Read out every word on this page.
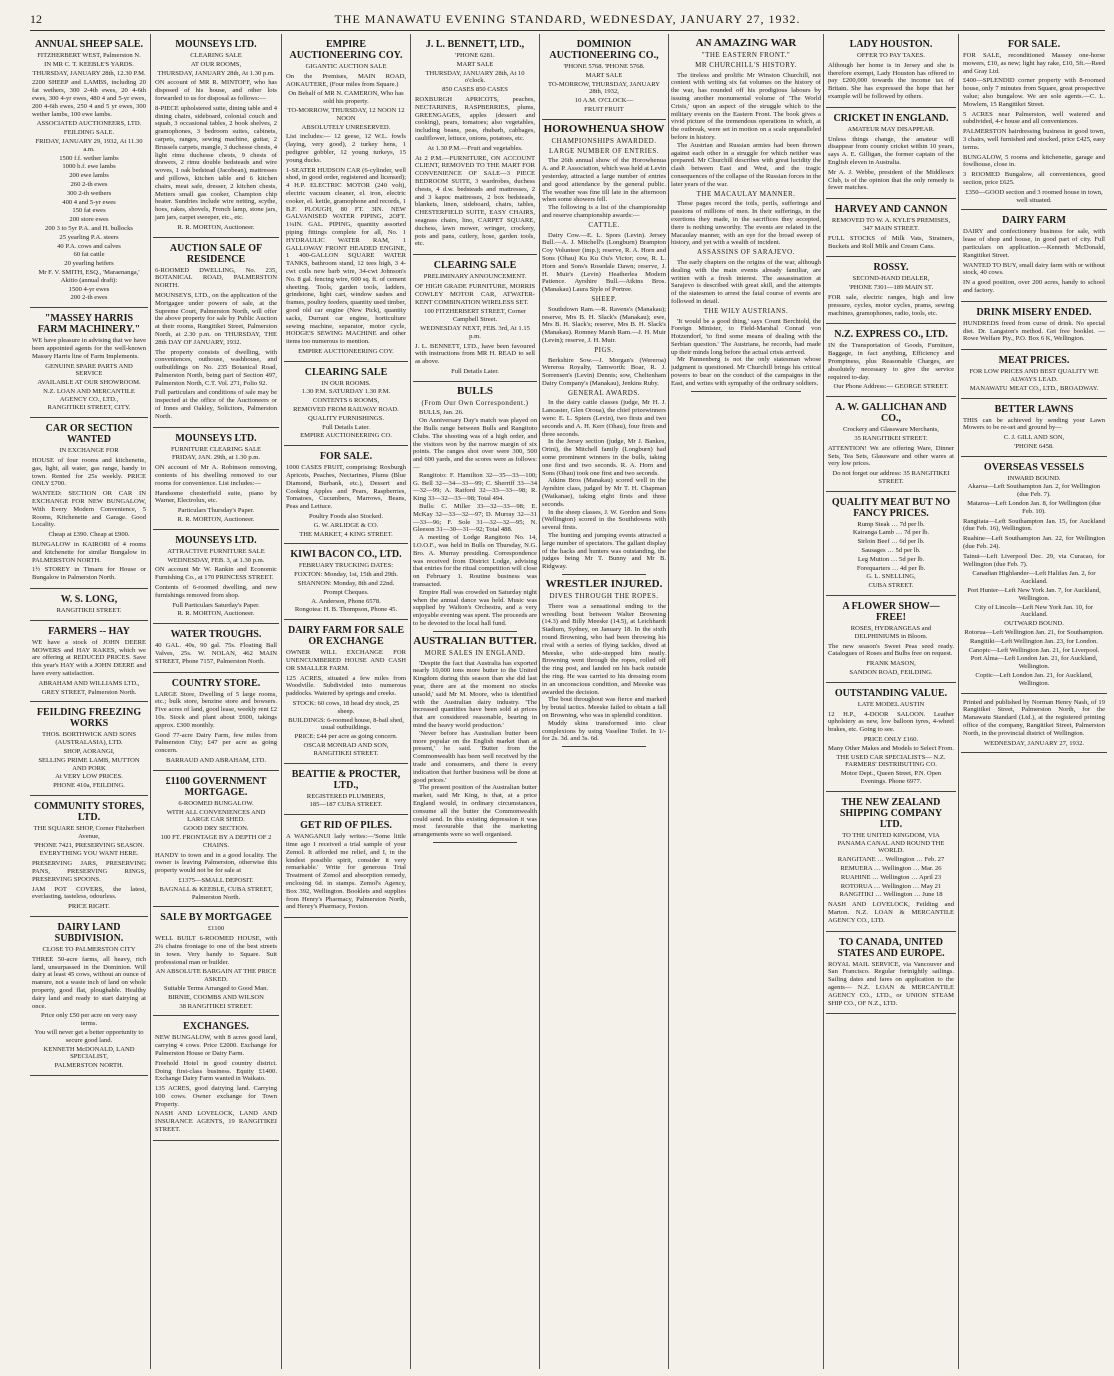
12	THE MANAWATU EVENING STANDARD, WEDNESDAY, JANUARY 27, 1932.
ANNUAL SHEEP SALE.
FITZHERBERT WEST, Palmerston N.
IN MR C. T. KEEBLE'S YARDS.
THURSDAY, JANUARY 28th, 12.30 P.M.
2200 SHEEP and LAMBS, including 20 fat wethers, 300 2-4th ewes, 20 4-6th ewes, 300 4-yr ewes, 480 4 and 5-yr ewes, 200 4-6th ewes, 250 4 and 5 yr ewes, 300 wether lambs, 100 ewe lambs.
ASSOCIATED AUCTIONEERS, LTD.
FEILDING SALE.
FRIDAY, JANUARY 29, 1932, At 11.30 a.m.
1500 f.f. wether lambs
1000 b.f. ewe lambs
200 ewe lambs
260 2-th ewes
300 2-th wethers
400 4 and 5-yr ewes
150 fat ewes
200 store ewes
200 3 to 5yr P.A. and H. bullocks
25 yearling P.A. steers
40 P.A. cows and calves
60 fat cattle
20 yearling heifers
Mr F. V. SMITH, ESQ., 'Maraenanga,' Akitio (annual draft):
1500 4-yr ewes
200 2-th ewes
"MASSEY HARRIS FARM MACHINERY."
WE have pleasure in advising that we have been appointed agents for the well-known Massey Harris line of Farm Implements.
GENUINE SPARE PARTS AND SERVICE
AVAILABLE AT OUR SHOWROOM.
N.Z. LOAN AND MERCANTILE AGENCY CO., LTD.,
RANGITIKEI STREET, CITY.
CAR OR SECTION WANTED
IN EXCHANGE FOR
HOUSE of four rooms and kitchenette, gas, light, all water, gas range, handy to town. Rented for 25s weekly. PRICE ONLY £700.
WANTED: SECTION OR CAR IN EXCHANGE FOR NEW BUNGALOW, With Every Modern Convenience, 5 Rooms, Kitchenette and Garage. Good Locality.
Cheap at £390. Cheap at £900.
BUNGALOW in KAIRORI of 4 rooms and kitchenette for similar Bungalow in PALMERSTON NORTH.
1½ STOREY in Timaru for House or Bungalow in Palmerston North.
W. S. LONG,
RANGITIKEI STREET.
FARMERS -- HAY
WE have a stock of JOHN DEERE MOWERS and HAY RAKES, which we are offering at REDUCED PRICES. Save this year's HAY with a JOHN DEERE and have every satisfaction.
ABRAHAM AND WILLIAMS LTD.,
GREY STREET, Palmerston North.
FEILDING FREEZING WORKS
THOS. BORTHWICK AND SONS (AUSTRALASIA), LTD.
SHOP, AORANGI,
SELLING PRIME LAMB, MUTTON AND PORK
At VERY LOW PRICES.
PHONE 410a, FEILDING.
COMMUNITY STORES, LTD.
THE SQUARE SHOP, Corner Fitzherbert Avenue,
'PHONE 7421, PRESERVING SEASON.
EVERYTHING YOU WANT HERE.
PRESERVING JARS, PRESERVING PANS, PRESERVING RINGS, PRESERVING SPOONS.
JAM POT COVERS, the latest, everlasting, tasteless, odourless.
PRICE RIGHT.
DAIRY LAND SUBDIVISION.
CLOSE TO PALMERSTON CITY
THREE 50-acre farms, all heavy, rich land, unsurpassed in the Dominion. Will dairy at least 45 cows, without an ounce of manure, not a waste inch of land on whole property, good flat, ploughable. Healthy dairy land and ready to start dairying at once.
Price only £50 per acre on very easy terms.
You will never get a better opportunity to secure good land.
KENNETH McDONALD, LAND SPECIALIST,
PALMERSTON NORTH.
MOUNSEYS LTD.
CLEARING SALE
AT OUR ROOMS,
THURSDAY, JANUARY 28th, At 1.30 p.m.
ON account of MR R. MINTOFF, who has disposed of his house, and other lots forwarded to us for disposal as follows:—
8-PIECE upholstered suite, dining table and 4 dining chairs, sideboard, colonial couch and squab, 3 occasional tables, 2 book shelves, 2 gramophones, 3 bedroom suites, cabinets, carpets, ranges, sewing machine, guitar, 2 Brussels carpets, mangle, 3 duchesse chests, 4 light rimu duchesse chests, 9 chests of drawers, 2 rimu double bedsteads and wire woves, 1 oak bedstead (Jacobean), mattresses and pillows, kitchen table and 6 kitchen chairs, meat safe, dresser, 2 kitchen chests, Metters small gas cooker, Champion chip heater. Sundries include wire netting, scythe, hoes, rakes, shovels, French lamp, stone jars, jam jars, carpet sweeper, etc., etc.
R. R. MORTON, Auctioneer.
AUCTION SALE OF RESIDENCE
6-ROOMED DWELLING, No. 235, BOTANICAL ROAD, PALMERSTON NORTH.
MOUNSEYS, LTD., on the application of the Mortgagee under powers of sale, at the Supreme Court, Palmerston North, will offer the above property for sale by Public Auction at their rooms, Rangitikei Street, Palmerston North, at 2.30 p.m. on THURSDAY, THE 28th DAY OF JANUARY, 1932.
The property consists of dwelling, with conveniences, outhouse, washhouse, and outbuildings on No. 235 Botanical Road, Palmerston North, being part of Section 497, Palmerston North, C.T. Vol. 271, Folio 92.
Full particulars and conditions of sale may be inspected at the office of the Auctioneers or of Innes and Oakley, Solicitors, Palmerston North.
MOUNSEYS LTD.
FURNITURE CLEARING SALE
FRIDAY, JAN. 29th, at 1.30 p.m.
ON account of Mr A. Robinson removing, contents of his dwelling removed to our rooms for convenience. List includes:—
Handsome chesterfield suite, piano by Warner, Electrolux, etc.
Particulars Thursday's Paper.
R. R. MORTON, Auctioneer.
MOUNSEYS LTD.
ATTRACTIVE FURNITURE SALE
WEDNESDAY, FEB. 3, at 1.30 p.m.
ON account Mr W. Rankin and Economic Furnishing Co., at 170 PRINCESS STREET.
Contents of 6-roomed dwelling, and new furnishings removed from shop.
Full Particulars Saturday's Paper.
R. R. MORTON, Auctioneer.
WATER TROUGHS.
40 GAL. 40s, 90 gal. 75s. Floating Ball Valves, 25s. W. NOLAN, 462 MAIN STREET, Phone 7157, Palmerston North.
COUNTRY STORE.
LARGE Store, Dwelling of 5 large rooms, etc.; bulk store, benzine store and bowsers. Five acres of land, good lease, weekly rent £2 10s. Stock and plant about £600, takings approx. £300 monthly.
Good 77-acre Dairy Farm, few miles from Palmerston City; £47 per acre as going concern.
BARRAUD AND ABRAHAM, LTD.
£1100 GOVERNMENT MORTGAGE.
6-ROOMED BUNGALOW.
WITH ALL CONVENIENCES AND LARGE CAR SHED.
GOOD DRY SECTION.
100 FT. FRONTAGE BY A DEPTH OF 2 CHAINS.
HANDY to town and in a good locality. The owner is leaving Palmerston, otherwise this property would not be for sale at
£1375—SMALL DEPOSIT.
BAGNALL & KEEBLE, CUBA STREET, Palmerston North.
SALE BY MORTGAGEE
£1100
WELL BUILT 6-ROOMED HOUSE, with 2¼ chains frontage to one of the best streets in town. Very handy to Square. Suit professional man or builder.
AN ABSOLUTE BARGAIN AT THE PRICE ASKED.
Suitable Terms Arranged to Good Man.
BIRNIE, COOMBS AND WILSON
38 RANGITIKEI STREET.
EXCHANGES.
NEW BUNGALOW, with 8 acres good land, carrying 4 cows. Price £2000. Exchange for Palmerston House or Dairy Farm.
Freehold Hotel in good country district. Doing first-class business. Equity £1400. Exchange Dairy Farm wanted in Waikato.
135 ACRES, good dairying land. Carrying 100 cows. Owner exchange for Town Property.
NASH AND LOVELOCK, LAND AND INSURANCE AGENTS, 19 RANGITIKEI STREET.
EMPIRE AUCTIONEERING COY.
GIGANTIC AUCTION SALE
On the Premises, MAIN ROAD, AOKAUTERE, (Four miles from Square.)
On Behalf of MR N. CAMERON, Who has sold his property.
TO-MORROW, THURSDAY, 12 NOON 12 NOON
ABSOLUTELY UNRESERVED.
List includes:— 12 geese, 12 W.L. fowls (laying, very good), 2 turkey hens, 1 pedigree gobbler, 12 young turkeys, 15 young ducks.
1-SEATER HUDSON CAR (6-cylinder, well shod, in good order, registered and licensed); 4 H.P. ELECTRIC MOTOR (240 volt), electric vacuum cleaner, el. iron, electric cooker, el. kettle, gramophone and records, 1 B.F. PLOUGH, 80 FT. 3IN. NEW GALVANISED WATER PIPING, 2OFT. 1¼IN. GAL. PIPING, quantity assorted piping fittings complete for all, No. 1 HYDRAULIC WATER RAM, 1 GALLOWAY FRONT HEADED ENGINE, 1 400-GALLON SQUARE WATER TANKS, bathroom stand, 12 tees high, 3 4-cwt coils new barb wire, 34-cwt Johnson's No. 8 gal. fencing wire, 600 sq. ft. of cement sheeting. Tools, garden tools, ladders, grindstone, light cart, window sashes and frames, poultry feeders, quantity used timber, good old car engine (New Pick), quantity sacks, Durrant car engine, horticulture sewing machine, separator, motor cycle, HODGE'S SEWING MACHINE and other items too numerous to mention.
EMPIRE AUCTIONEERING COY.
CLEARING SALE
IN OUR ROOMS.
1.30 P.M. SATURDAY 1.30 P.M.
CONTENTS 6 ROOMS,
REMOVED FROM RAILWAY ROAD.
QUALITY FURNISHINGS.
Full Details Later.
EMPIRE AUCTIONEERING CO.
FOR SALE.
1000 CASES FRUIT, comprising: Roxburgh Apricots, Peaches, Nectarines, Plums (Blue Diamond, Burbank, etc.), Dessert and Cooking Apples and Pears, Raspberries, Tomatoes, Cucumbers, Marrows, Beans, Peas and Lettuce.
Poultry Foods also Stocked.
G. W. ARLIDGE & CO.
THE MARKET, 4 KING STREET.
KIWI BACON CO., LTD.
FEBRUARY TRUCKING DATES:
FOXTON: Monday, 1st, 15th and 29th.
SHANNON: Monday, 8th and 22nd.
Prompt Cheques.
A. Anderson, Phone 6578.
Rongotea: H. B. Thompson, Phone 45.
DAIRY FARM FOR SALE OR EXCHANGE
OWNER WILL EXCHANGE FOR UNENCUMBERED HOUSE AND CASH OR SMALLER FARM.
125 ACRES, situated a few miles from Woodville. Subdivided into numerous paddocks. Watered by springs and creeks.
STOCK: 60 cows, 18 head dry stock, 25 sheep.
BUILDINGS: 6-roomed house, 8-bail shed, usual outbuildings.
PRICE: £44 per acre as going concern.
OSCAR MONRAD AND SON, RANGITIKEI STREET.
BEATTIE & PROCTER, LTD.,
REGISTERED PLUMBERS,
185—187 CUBA STREET.
GET RID OF PILES.
A WANGANUI lady writes:—'Some little time ago I received a trial sample of your Zemol. It afforded me relief, and I, in the kindest possible spirit, consider it very remarkable.' Write for generous Trial Treatment of Zemol and absorption remedy, enclosing 6d. in stamps. Zemol's Agency, Box 392, Wellington. Booklets and supplies from Henry's Pharmacy, Palmerston North, and Henry's Pharmacy, Foxton.
J. L. BENNETT, LTD.,
'PHONE 6281.
MART SALE
THURSDAY, JANUARY 28th, At 10 o'clock.
850 CASES 850 CASES
ROXBURGH APRICOTS, peaches, NECTARINES, RASPBERRIES, plums, GREENGAGES, apples (dessert and cooking), pears, tomatoes; also vegetables, including beans, peas, rhubarb, cabbages, cauliflower, lettuce, onions, potatoes, etc.
At 1.30 P.M.—Fruit and vegetables.
At 2 P.M.—FURNITURE, ON ACCOUNT CLIENT, REMOVED TO THE MART FOR CONVENIENCE OF SALE—3 PIECE BEDROOM SUITE, 3 wardrobes, duchess chests, 4 d.w. bedsteads and mattresses, 2 and 3 kapoc mattresses, 2 box bedsteads, blankets, linen, sideboard, chairs, tables, CHESTERFIELD SUITE, EASY CHAIRS, seagrass chairs, lino, CARPET SQUARE, duchess, lawn mower, wringer, crockery, pots and pans, cutlery, hose, garden tools, etc.
CLEARING SALE
PRELIMINARY ANNOUNCEMENT.
OF HIGH GRADE FURNITURE, MORRIS COWLEY MOTOR CAR, ATWATER-KENT COMBINATION WIRELESS SET.
100 FITZHERBERT STREET, Corner Campbell Street.
WEDNESDAY NEXT, FEB. 3rd, At 1.15 p.m.
J. L. BENNETT, LTD., have been favoured with instructions from MR H. READ to sell as above.
Full Details Later.
BULLS
(From Our Own Correspondent.)
BULLS, Jan. 26.
On Anniversary Day's match was played on the Bulls range between Bulls and Rangitoto Clubs. The shooting was of a high order, and the visitors won by the narrow margin of six points. The ranges shot over were 300, 500 and 600 yards, and the scores were as follows:—
Rangitoto: F. Hamilton 32—35—33—100; G. Bell 32—34—33—99; C. Sherriff 33—34—32—99; A. Ratford 32—33—33—98; R. King 33—32—33—98; Total 494.
Bulls: C. Miller 33—32—33—98; E. McKay 32—33—32—97; D. Murray 32—31—33—96; F. Sole 31—32—32—95; N. Gleeson 31—30—31—92; Total 488.
A meeting of Lodge Rangitoto No. 14, I.O.O.F., was held in Bulls on Thursday, N.G. Bro. A. Murray presiding. Correspondence was received from District Lodge, advising that entries for the ritual competition will close on February 1. Routine business was transacted.
Empire Hall was crowded on Saturday night when the annual dance was held. Music was supplied by Walton's Orchestra, and a very enjoyable evening was spent. The proceeds are to be devoted to the local hall fund.
AUSTRALIAN BUTTER.
MORE SALES IN ENGLAND.
'Despite the fact that Australia has exported nearly 10,000 tons more butter to the United Kingdom during this season than she did last year, there are at the moment no stocks unsold,' said Mr M. Moore, who is identified with the Australian dairy industry. 'The increased quantities have been sold at prices that are considered reasonable, bearing in mind the heavy world production.'
'Never before has Australian butter been more popular on the English market than at present,' he said. 'Butter from the Commonwealth has been well received by the trade and consumers, and there is every indication that further business will be done at good prices.'
The present position of the Australian butter market, said Mr King, is that, at a price England would, in ordinary circumstances, consume all the butter the Commonwealth could send. In this existing depression it was most favourable that the marketing arrangements were so well organised.
DOMINION AUCTIONEERING CO.,
'PHONE 5768. 'PHONE 5768.
MART SALE
TO-MORROW, THURSDAY, JANUARY 28th, 1932,
10 A.M. O'CLOCK—
FRUIT FRUIT
HOROWHENUA SHOW
CHAMPIONSHIPS AWARDED.
LARGE NUMBER OF ENTRIES.
The 26th annual show of the Horowhenua A. and P. Association, which was held at Levin yesterday, attracted a large number of entries and good attendance by the general public. The weather was fine till late in the afternoon when some showers fell.
The following is a list of the championship and reserve championship awards:—
CATTLE.
Dairy Cow.—E. L. Spors (Levin). Jersey Bull.—A. J. Mitchell's (Longburn) Brampton Coy Volunteer (imp.); reserve, R. A. Horn and Sons (Ohau) Ku Ku Ou's Victor; cow, R. L. Horn and Sons's Rosedale Dawn; reserve, J. H. Muir's (Levin) Heatherlea Modern Patience. Ayrshire Bull.—Atkins Bros. (Manakau) Laura Style of Portree.
SHEEP.
Southdown Ram.—R. Ravens's (Manakau); reserve, Mrs B. H. Slack's (Manakau); ewe, Mrs B. H. Slack's; reserve, Mrs B. H. Slack's (Manakau). Romney Marsh Ram.—J. H. Muir (Levin); reserve, J. H. Muir.
PIGS.
Berkshire Sow.—J. Morgan's (Wereroa) Wereroa Royalty, Tamworth: Boar, R. J. Sorrensen's (Levin) Dennis; sow, Cheltenham Dairy Company's (Manakau), Jenkins Ruby.
GENERAL AWARDS.
In the dairy cattle classes (judge, Mr H. J. Lancaster, Glen Oroua), the chief prizewinners were: E. L. Spiers (Levin), two firsts and two seconds and A. H. Kerr (Ohau), four firsts and three seconds.
In the Jersey section (judge, Mr J. Bankes, Orini), the Mitchell family (Longburn) had some prominent winners in the bulls, taking one first and two seconds. R. A. Horn and Sons (Ohau) took one first and two seconds.
Atkins Bros (Manakau) scored well in the Ayrshire class, judged by Mr T. H. Chapman (Waikanae), taking eight firsts and three seconds.
In the sheep classes, J. W. Gordon and Sons (Wellington) scored in the Southdowns with several firsts.
The hunting and jumping events attracted a large number of spectators. The gallant display of the hacks and hunters was outstanding, the judges being Mr T. Bunny and Mr B. Ridgway.
WRESTLER INJURED.
DIVES THROUGH THE ROPES.
There was a sensational ending to the wrestling bout between Walter Browning (14.3) and Billy Meeske (14.5), at Leichhardt Stadium, Sydney, on January 18. In the sixth round Browning, who had been throwing his rival with a series of flying tackles, dived at Meeske, who side-stepped him neatly. Browning went through the ropes, rolled off the ring post, and landed on his back outside the ring. He was carried to his dressing room in an unconscious condition, and Meeske was awarded the decision.
The bout throughout was fierce and marked by brutal tactics. Meeske failed to obtain a fall on Browning, who was in splendid condition.
Muddy skins transformed into clear complexions by using Vaseline Toilet. In 1/- for 2s. 3d. and 3s. 6d.
AN AMAZING WAR
"THE EASTERN FRONT."
MR CHURCHILL'S HISTORY.
The tireless and prolific Mr Winston Churchill, not content with writing six fat volumes on the history of the war, has rounded off his prodigious labours by issuing another monumental volume of 'The World Crisis,' upon an aspect of the struggle which to the military events on the Eastern Front. The book gives a vivid picture of the tremendous operations in which, at the outbreak, were set in motion on a scale unparalleled before in history.
The Austrian and Russian armies had been thrown against each other in a struggle for which neither was prepared. Mr Churchill describes with great lucidity the clash between East and West, and the tragic consequences of the collapse of the Russian forces in the later years of the war.
THE MACAULAY MANNER.
These pages record the toils, perils, sufferings and passions of millions of men. In their sufferings, in the exertions they made, in the sacrifices they accepted, there is nothing unworthy. The events are related in the Macaulay manner, with an eye for the broad sweep of history, and yet with a wealth of incident.
ASSASSINS OF SARAJEVO.
The early chapters on the origins of the war, although dealing with the main events already familiar, are written with a fresh interest. The assassination at Sarajevo is described with great skill, and the attempts of the statesmen to arrest the fatal course of events are followed in detail.
THE WILY AUSTRIANS.
'It would be a good thing,' says Count Berchtold, the Foreign Minister, to Field-Marshal Conrad von Hotzendorf, 'to find some means of dealing with the Serbian question.' The Austrians, he records, had made up their minds long before the actual crisis arrived.
Mr Pannenberg is not the only statesman whose judgment is questioned. Mr Churchill brings his critical powers to bear on the conduct of the campaigns in the East, and writes with sympathy of the ordinary soldiers.
LADY HOUSTON.
OFFER TO PAY TAXES.
Although her home is in Jersey and she is therefore exempt, Lady Houston has offered to pay £200,000 towards the income tax of Britain. She has expressed the hope that her example will be followed by others.
CRICKET IN ENGLAND.
AMATEUR MAY DISAPPEAR.
Unless things change, the amateur will disappear from county cricket within 10 years, says A. E. Gilligan, the former captain of the English eleven in Australia.
Mr A. J. Webbe, president of the Middlesex Club, is of the opinion that the only remedy is fewer matches.
HARVEY AND CANNON
REMOVED TO W. A. KYLE'S PREMISES, 347 MAIN STREET.
FULL STOCKS of Milk Vats, Strainers, Buckets and Roll Milk and Cream Cans.
ROSSY.
SECOND-HAND DEALER,
'PHONE 7301—189 MAIN ST.
FOR sale, electric ranges, high and low pressure, cycles, motor cycles, prams, sewing machines, gramophones, radio, tools, etc.
N.Z. EXPRESS CO., LTD.
IN the Transportation of Goods, Furniture, Baggage, in fact anything, Efficiency and Promptness, plus Reasonable Charges, are absolutely necessary to give the service required to-day.
Our Phone Address:— GEORGE STREET.
A. W. GALLICHAN AND CO.,
Crockery and Glassware Merchants,
35 RANGITIKEI STREET.
ATTENTION! We are offering Ware, Dinner Sets, Tea Sets, Glassware and other wares at very low prices.
Do not forget our address: 35 RANGITIKEI STREET.
QUALITY MEAT BUT NO FANCY PRICES.
Rump Steak … 7d per lb.
Kairanga Lamb … 7d per lb.
Sirloin Beef … 6d per lb.
Sausages … 5d per lb.
Leg Mutton … 5d per lb.
Forequarters … 4d per lb.
G. L. SNELLING,
CUBA STREET.
A FLOWER SHOW—FREE!
ROSES, HYDRANGEAS and DELPHINIUMS in Bloom.
The new season's Sweet Peas seed ready. Catalogues of Roses and Bulbs free on request.
FRANK MASON,
SANDON ROAD, FEILDING.
OUTSTANDING VALUE.
LATE MODEL AUSTIN
12 H.P., 4-DOOR SALOON. Leather upholstery as new, low balloon tyres, 4-wheel brakes, etc. Going to see.
PRICE ONLY £160.
Many Other Makes and Models to Select From.
THE USED CAR SPECIALISTS— N.Z. FARMERS' DISTRIBUTING CO.
Motor Dept., Queen Street, P.N. Open Evenings. Phone 6977.
THE NEW ZEALAND SHIPPING COMPANY LTD.
TO THE UNITED KINGDOM, VIA PANAMA CANAL AND ROUND THE WORLD.
RANGITANE … Wellington … Feb. 27
REMUERA … Wellington … Mar. 26
RUAHINE … Wellington … April 23
ROTORUA … Wellington … May 21
RANGITIKI … Wellington … June 18
NASH AND LOVELOCK, Feilding and Marton. N.Z. LOAN & MERCANTILE AGENCY CO., LTD.
TO CANADA, UNITED STATES AND EUROPE.
ROYAL MAIL SERVICE, via Vancouver and San Francisco. Regular fortnightly sailings. Sailing dates and fares on application to the agents— N.Z. LOAN & MERCANTILE AGENCY CO., LTD., or UNION STEAM SHIP CO., OF N.Z., LTD.
FOR SALE.
FOR SALE, reconditioned Massey one-horse mowers, £10, as new; light hay rake, £10, 5ft.—Reed and Gray Ltd.
£400—SPLENDID corner property with 8-roomed house, only 7 minutes from Square, great prospective value; also bungalow. We are sole agents.—C. L. Mowlem, 15 Rangitikei Street.
5 ACRES near Palmerston, well watered and subdivided, 4-r house and all conveniences.
PALMERSTON hairdressing business in good town, 3 chairs, well furnished and stocked, price £425, easy terms.
BUNGALOW, 5 rooms and kitchenette, garage and fowlhouse, close in.
3 ROOMED Bungalow, all conveniences, good section, price £625.
£350—GOOD section and 3 roomed house in town, well situated.
DAIRY FARM
DAIRY and confectionery business for sale, with lease of shop and house, in good part of city. Full particulars on application.—Kenneth McDonald, Rangitikei Street.
WANTED TO BUY, small dairy farm with or without stock, 40 cows.
IN a good position, over 200 acres, handy to school and factory.
DRINK MISERY ENDED.
HUNDREDS freed from curse of drink. No special diet. Dr. Langston's method. Get free booklet. —Rowe Welfare Pty., P.O. Box 6 K, Wellington.
MEAT PRICES.
FOR LOW PRICES AND BEST QUALITY WE ALWAYS LEAD.
MANAWATU MEAT CO., LTD., BROADWAY.
BETTER LAWNS
THIS can be achieved by sending your Lawn Mowers to be re-set and ground by—
C. J. GILL AND SON,
'PHONE 6458.
OVERSEAS VESSELS
INWARD BOUND.
Akaroa—Left Southampton Jan. 2, for Wellington (due Feb. 7).
Mataroa—Left London Jan. 8, for Wellington (due Feb. 10).
Rangitata—Left Southampton Jan. 15, for Auckland (due Feb. 16), Wellington.
Ruahine—Left Southampton Jan. 22, for Wellington (due Feb. 24).
Tainui—Left Liverpool Dec. 29, via Curacao, for Wellington (due Feb. 7).
Canadian Highlander—Left Halifax Jan. 2, for Auckland.
Port Hunter—Left New York Jan. 7, for Auckland, Wellington.
City of Lincoln—Left New York Jan. 10, for Auckland.
OUTWARD BOUND.
Rotorua—Left Wellington Jan. 21, for Southampton.
Rangitiki—Left Wellington Jan. 23, for London.
Canopic—Left Wellington Jan. 21, for Liverpool.
Port Alma—Left London Jan. 21, for Auckland, Wellington.
Coptic—Left London Jan. 21, for Auckland, Wellington.
Printed and published by Norman Henry Nash, of 19 Rangitikei Street, Palmerston North, for the Manawatu Standard (Ltd.), at the registered printing office of the company, Rangitikei Street, Palmerston North, in the provincial district of Wellington.
WEDNESDAY, JANUARY 27, 1932.
